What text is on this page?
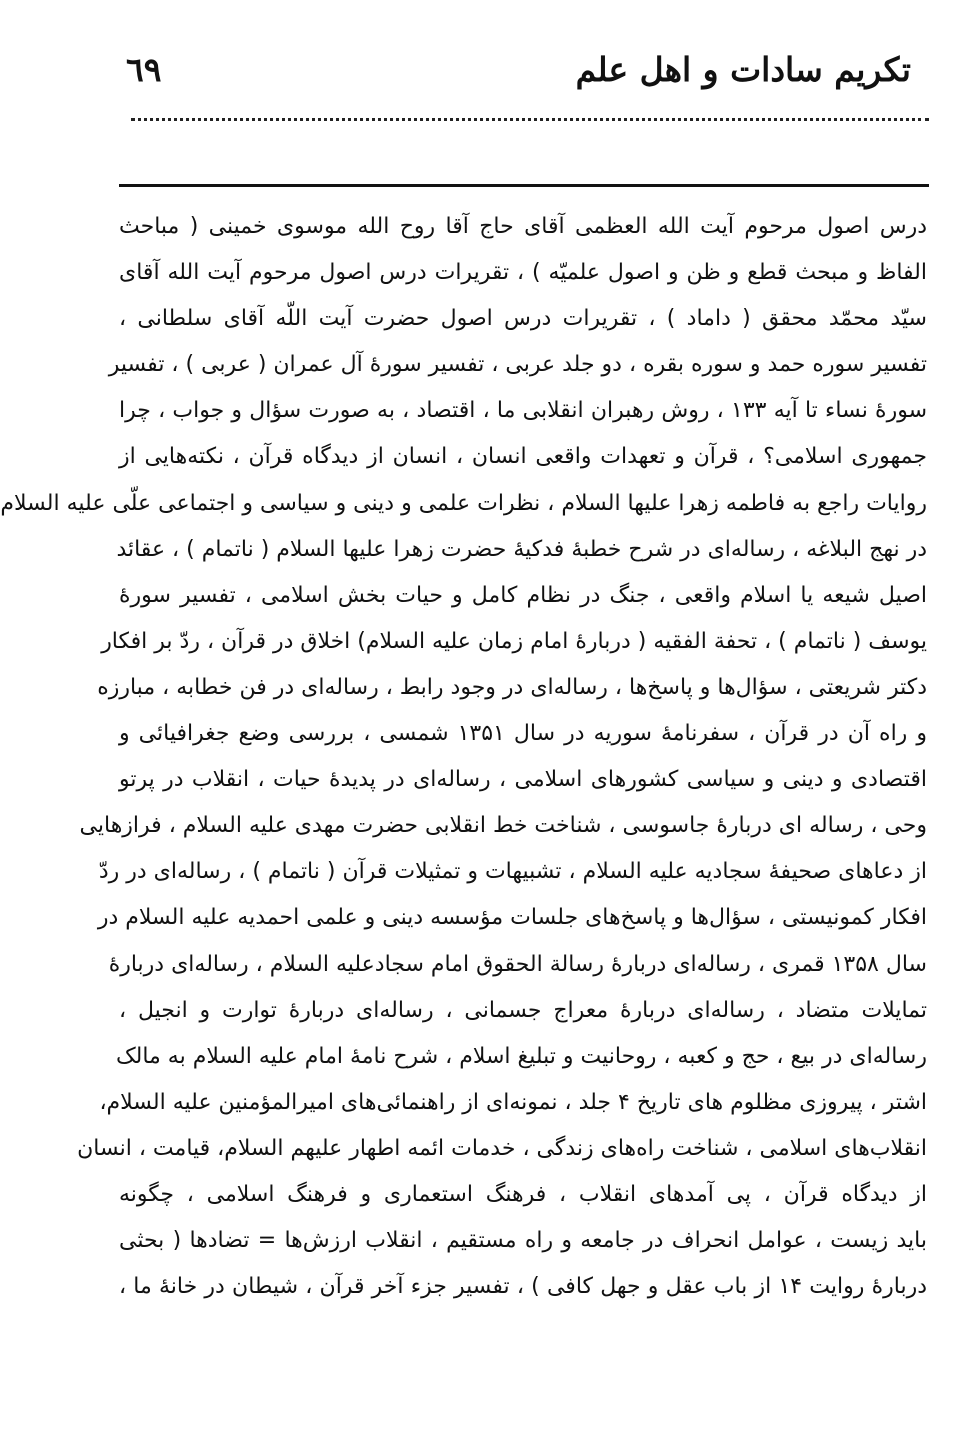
تکریم سادات و اهل علم
٦٩
درس اصول مرحوم آیت الله العظمی آقای حاج آقا روح الله موسوی خمینی ( مباحث
الفاظ و مبحث قطع و ظن و اصول علميّه ) ، تقریرات درس اصول مرحوم آیت الله آقای
سیّد محمّد محقق ( داماد ) ، تقریرات درس اصول حضرت آیت اللّه آقای سلطانی ،
تفسیر سوره حمد و سوره بقره ، دو جلد عربی ، تفسیر سورهٔ آل عمران ( عربی ) ، تفسیر
سورهٔ نساء تا آیه ۱۳۳ ، روش رهبران انقلابی ما ، اقتصاد ، به صورت سؤال و جواب ، چرا
جمهوری اسلامی؟ ، قرآن و تعهدات واقعی انسان ، انسان از دیدگاه قرآن ، نکته‌هایی از
روایات راجع به فاطمه زهرا عليها السلام ، نظرات علمی و دینی و سیاسی و اجتماعی علّی عليه السلام
در نهج البلاغه ، رساله‌ای در شرح خطبهٔ فدکیهٔ حضرت زهرا عليها السلام ( ناتمام ) ، عقائد
اصیل شیعه یا اسلام واقعی ، جنگ در نظام کامل و حیات بخش اسلامی ، تفسیر سورهٔ
یوسف ( ناتمام ) ، تحفة الفقیه ( دربارهٔ امام زمان عليه السلام) اخلاق در قرآن ، ردّ بر افکار
دکتر شریعتی ، سؤال‌ها و پاسخ‌ها ، رساله‌ای در وجود رابط ، رساله‌ای در فن خطابه ، مبارزه
و راه آن در قرآن ، سفرنامهٔ سوریه در سال ۱۳۵۱ شمسی ، بررسی وضع جغرافیائی و
اقتصادی و دینی و سیاسی کشورهای اسلامی ، رساله‌ای در پدیدهٔ حیات ، انقلاب در پرتو
وحی ، رساله ای دربارهٔ جاسوسی ، شناخت خط انقلابی حضرت مهدی عليه السلام ، فرازهایی
از دعاهای صحیفهٔ سجادیه عليه السلام ، تشبیهات و تمثیلات قرآن ( ناتمام ) ، رساله‌ای در ردّ
افکار کمونیستی ، سؤال‌ها و پاسخ‌های جلسات مؤسسه دینی و علمی احمدیه عليه السلام در
سال ۱۳۵۸ قمری ، رساله‌ای دربارهٔ رسالة الحقوق امام سجادعليه السلام ، رساله‌ای دربارهٔ
تمایلات متضاد ، رساله‌ای دربارهٔ معراج جسمانی ، رساله‌ای دربارهٔ توارت و انجیل ،
رساله‌ای در بیع ، حج و کعبه ، روحانیت و تبلیغ اسلام ، شرح نامهٔ امام عليه السلام به مالک
اشتر ، پیروزی مظلوم های تاریخ ۴ جلد ، نمونه‌ای از راهنمائی‌های امیرالمؤمنین عليه السلام،
انقلاب‌های اسلامی ، شناخت راه‌های زندگی ، خدمات ائمه اطهار عليهم السلام، قیامت ، انسان
از دیدگاه قرآن ، پی آمدهای انقلاب ، فرهنگ استعماری و فرهنگ اسلامی ، چگونه
باید زیست ، عوامل انحراف در جامعه و راه مستقیم ، انقلاب ارزش‌ها = تضادها ( بحثی
دربارهٔ روایت ۱۴ از باب عقل و جهل کافی ) ، تفسیر جزء آخر قرآن ، شیطان در خانهٔ ما ،
